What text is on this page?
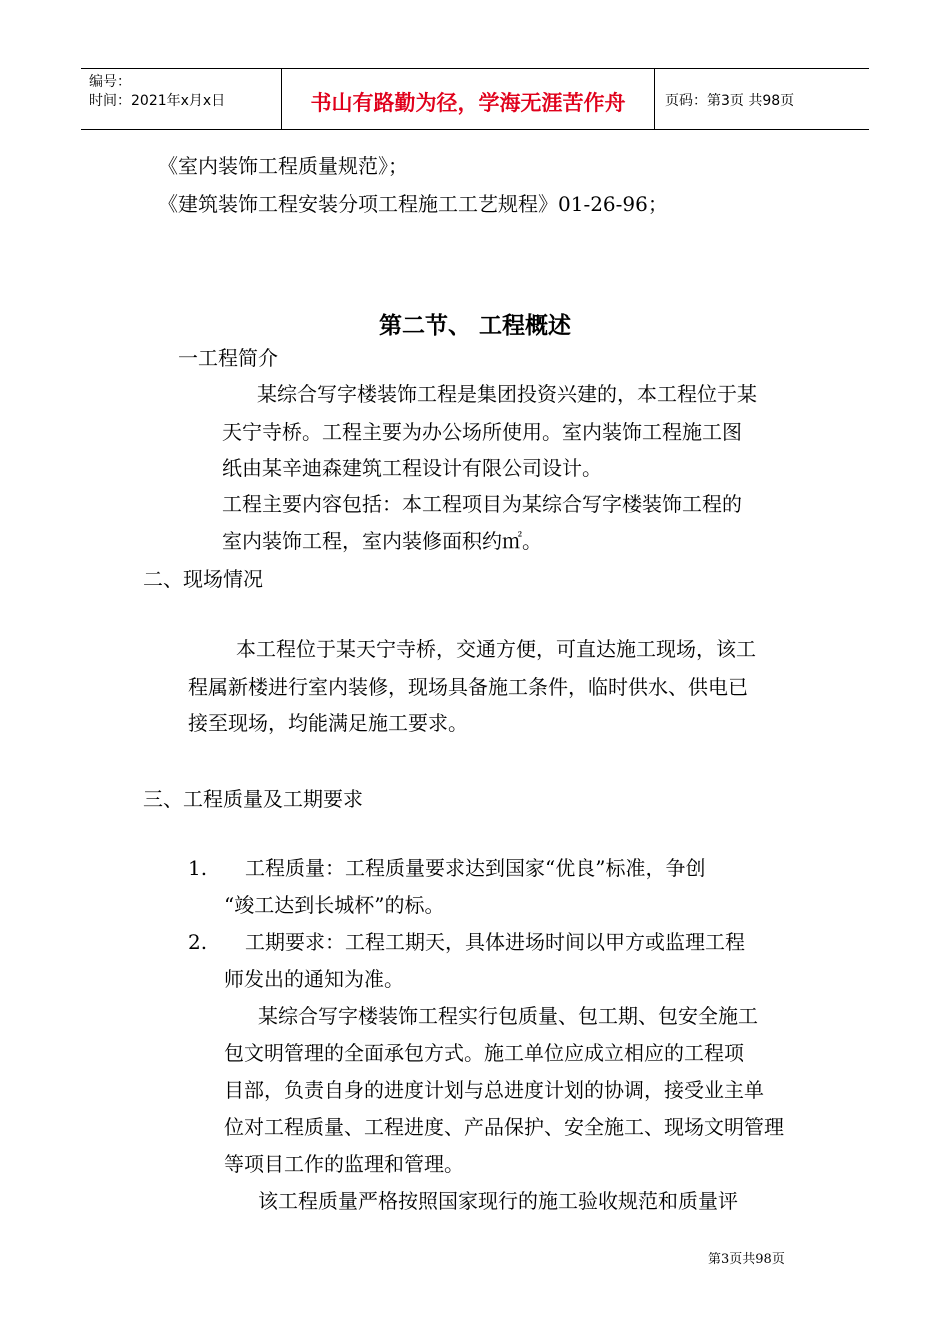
编号：
时间：2021年x月x日	书山有路勤为径，学海无涯苦作舟	页码：第3页 共98页
《室内装饰工程质量规范》；
《建筑装饰工程安装分项工程施工工艺规程》01-26-96；
第二节、 工程概述
一工程简介
某综合写字楼装饰工程是集团投资兴建的，本工程位于某
天宁寺桥。工程主要为办公场所使用。室内装饰工程施工图
纸由某辛迪森建筑工程设计有限公司设计。
工程主要内容包括：本工程项目为某综合写字楼装饰工程的
室内装饰工程，室内装修面积约㎡。
二、现场情况
本工程位于某天宁寺桥，交通方便，可直达施工现场，该工
程属新楼进行室内装修，现场具备施工条件，临时供水、供电已
接至现场，均能满足施工要求。
三、工程质量及工期要求
1. 工程质量：工程质量要求达到国家“优良”标准，争创
“竣工达到长城杯”的标。
2. 工期要求：工程工期天，具体进场时间以甲方或监理工程
师发出的通知为准。
某综合写字楼装饰工程实行包质量、包工期、包安全施工
包文明管理的全面承包方式。施工单位应成立相应的工程项
目部，负责自身的进度计划与总进度计划的协调，接受业主单
位对工程质量、工程进度、产品保护、安全施工、现场文明管理
等项目工作的监理和管理。
该工程质量严格按照国家现行的施工验收规范和质量评
第3页共98页
